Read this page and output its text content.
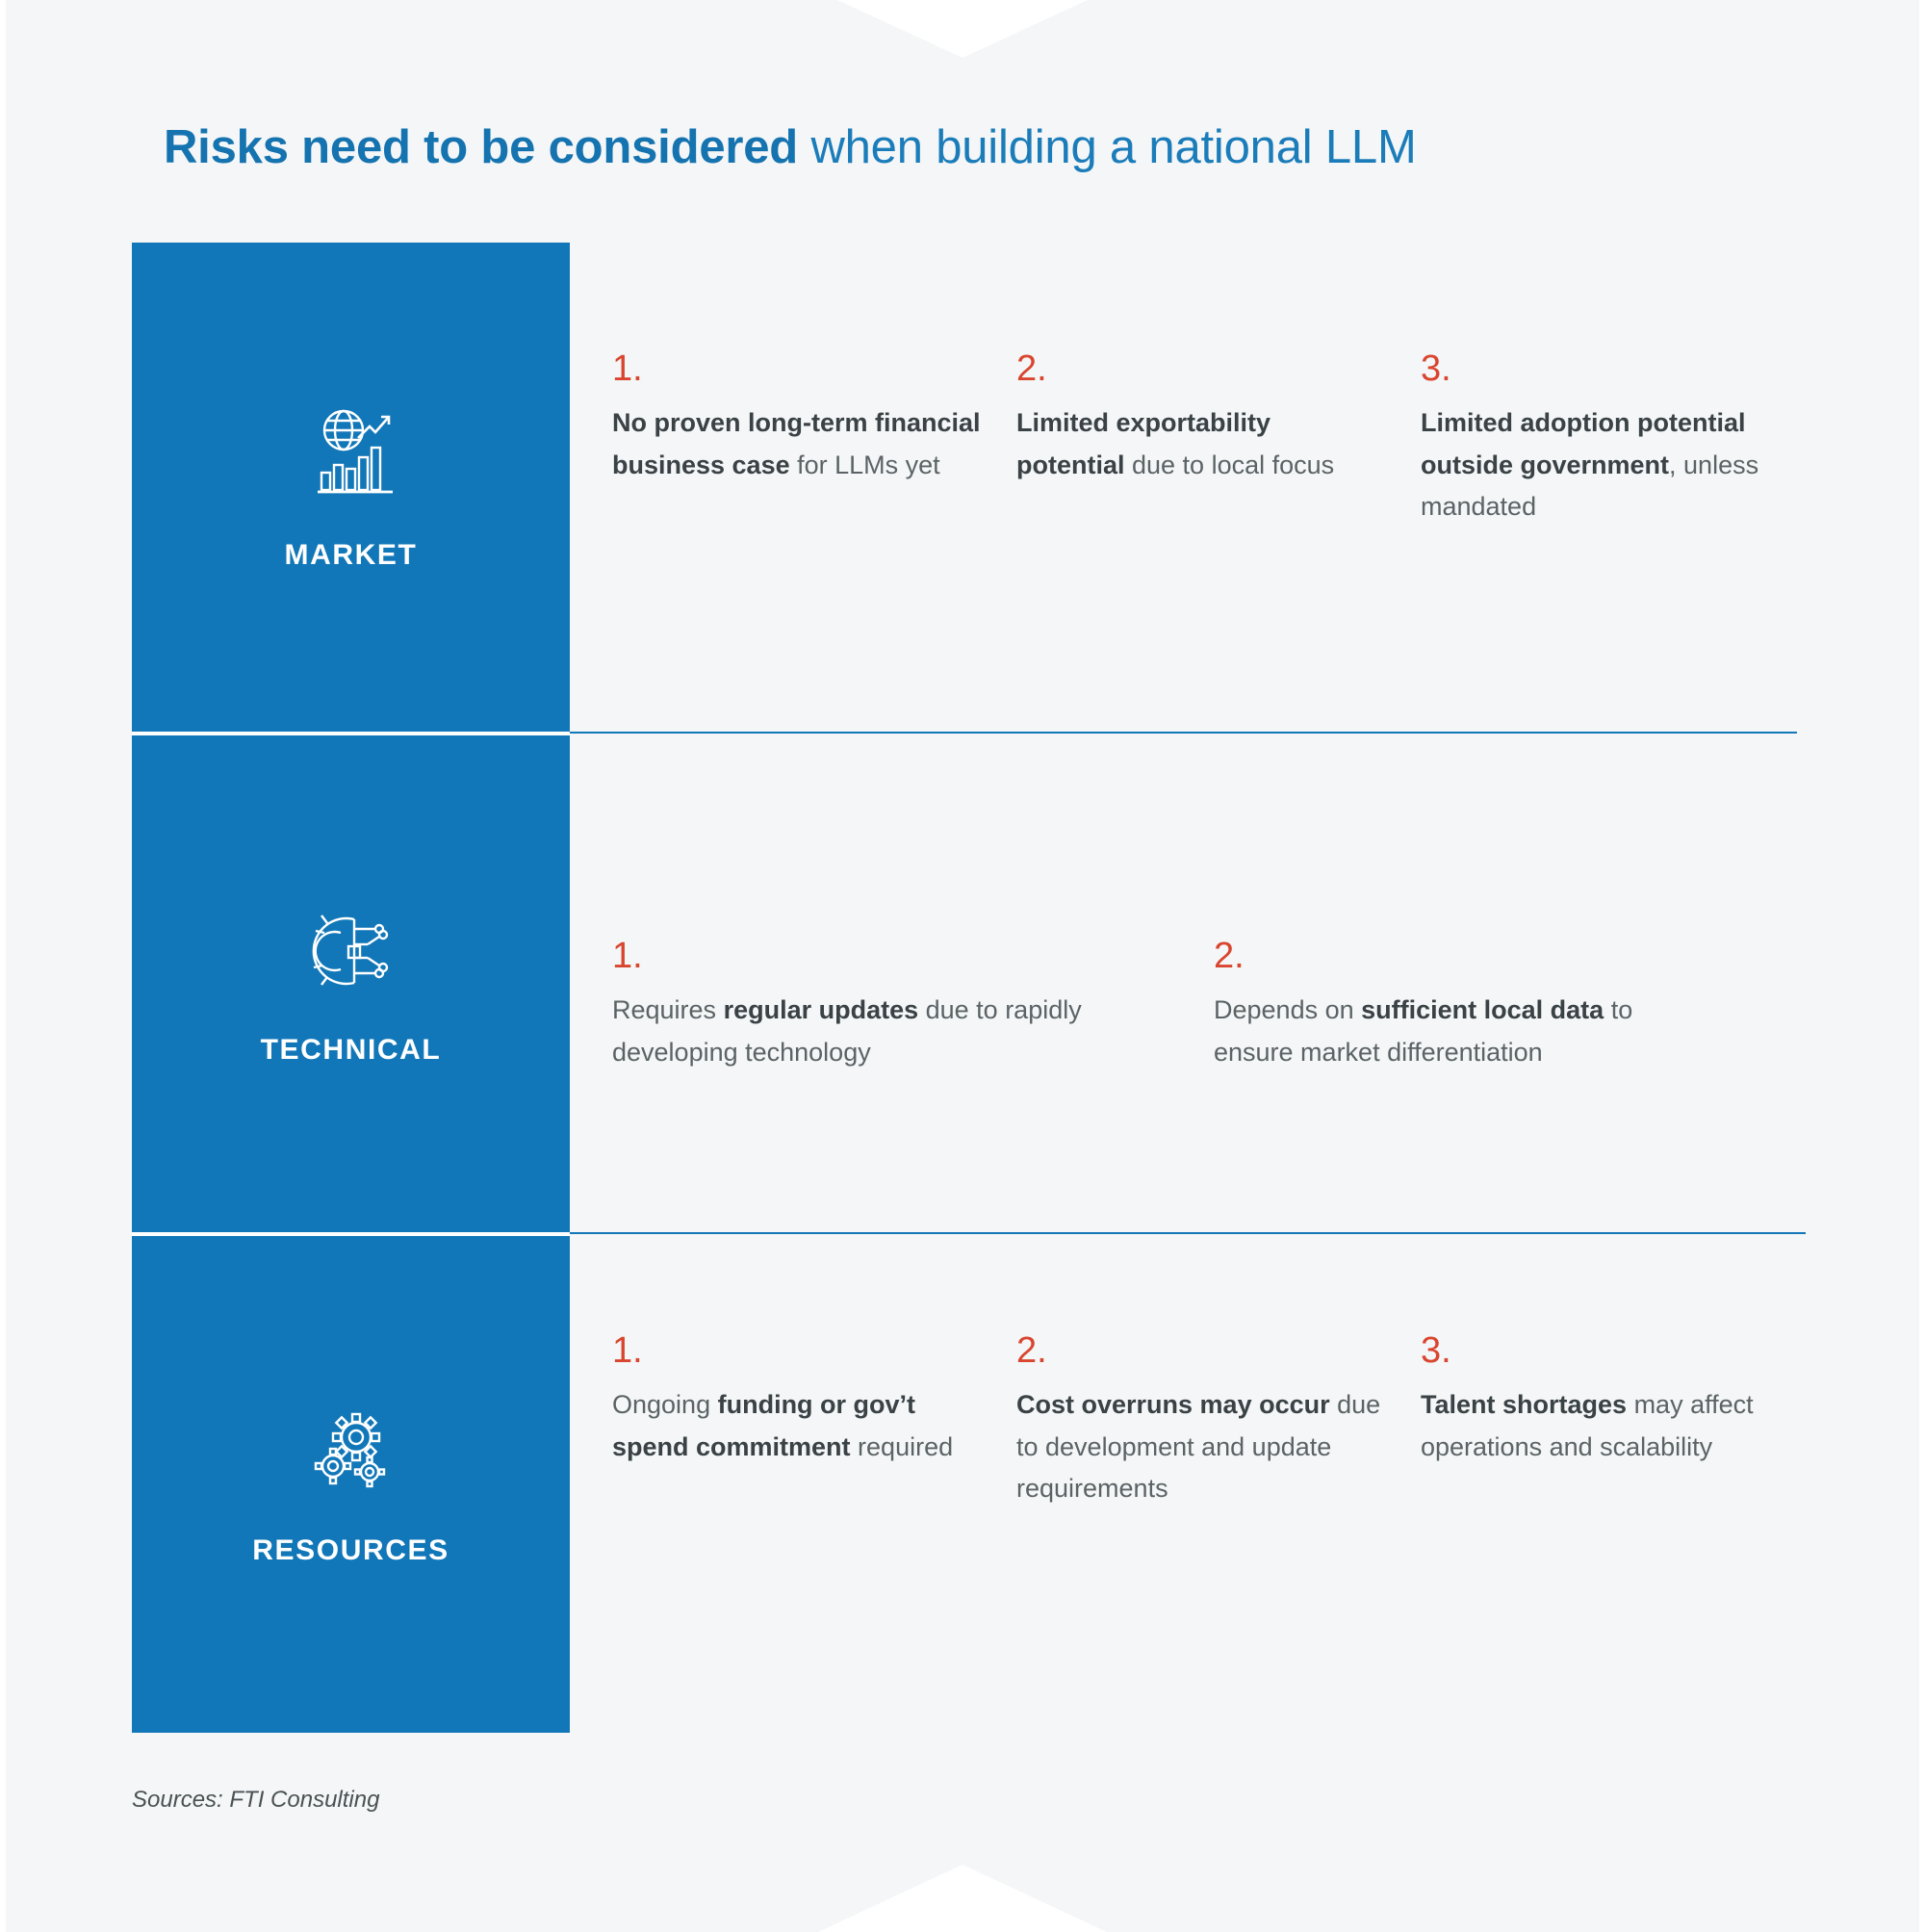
Risks need to be considered when building a national LLM
MARKET
1.
No proven long-term financial business case for LLMs yet
2.
Limited exportability potential due to local focus
3.
Limited adoption potential outside government, unless mandated
TECHNICAL
1.
Requires regular updates due to rapidly developing technology
2.
Depends on sufficient local data to ensure market differentiation
RESOURCES
1.
Ongoing funding or gov’t spend commitment required
2.
Cost overruns may occur due to development and update requirements
3.
Talent shortages may affect operations and scalability
Sources: FTI Consulting
